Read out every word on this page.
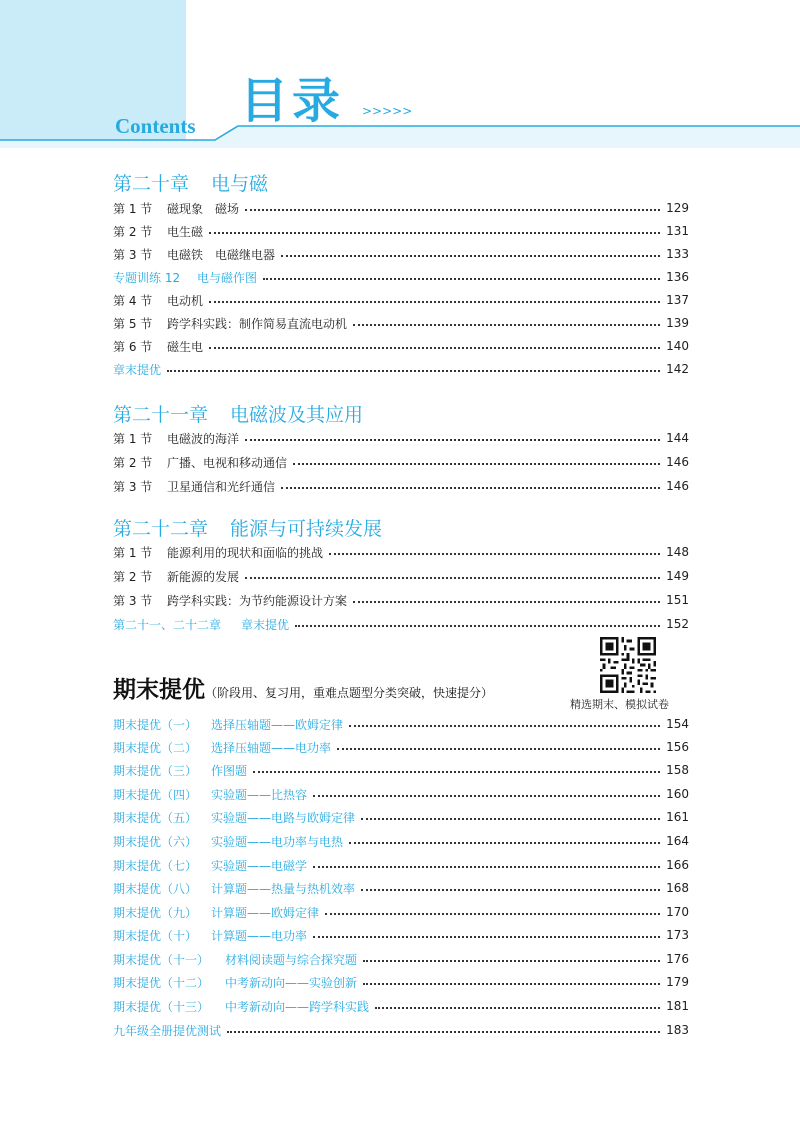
目录 >>>>>
Contents
第二十章 电与磁
第 1 节	磁现象　磁场	129
第 2 节	电生磁	131
第 3 节	电磁铁　电磁继电器	133
专题训练 12	电与磁作图	136
第 4 节	电动机	137
第 5 节	跨学科实践：制作简易直流电动机	139
第 6 节	磁生电	140
章末提优	142
第二十一章 电磁波及其应用
第 1 节	电磁波的海洋	144
第 2 节	广播、电视和移动通信	146
第 3 节	卫星通信和光纤通信	146
第二十二章 能源与可持续发展
第 1 节	能源利用的现状和面临的挑战	148
第 2 节	新能源的发展	149
第 3 节	跨学科实践：为节约能源设计方案	151
第二十一、二十二章	章末提优	152
期末提优（阶段用、复习用，重难点题型分类突破，快速提分）
精选期末、模拟试卷
期末提优（一）	选择压轴题——欧姆定律	154
期末提优（二）	选择压轴题——电功率	156
期末提优（三）	作图题	158
期末提优（四）	实验题——比热容	160
期末提优（五）	实验题——电路与欧姆定律	161
期末提优（六）	实验题——电功率与电热	164
期末提优（七）	实验题——电磁学	166
期末提优（八）	计算题——热量与热机效率	168
期末提优（九）	计算题——欧姆定律	170
期末提优（十）	计算题——电功率	173
期末提优（十一）	材料阅读题与综合探究题	176
期末提优（十二）	中考新动向——实验创新	179
期末提优（十三）	中考新动向——跨学科实践	181
九年级全册提优测试	183
